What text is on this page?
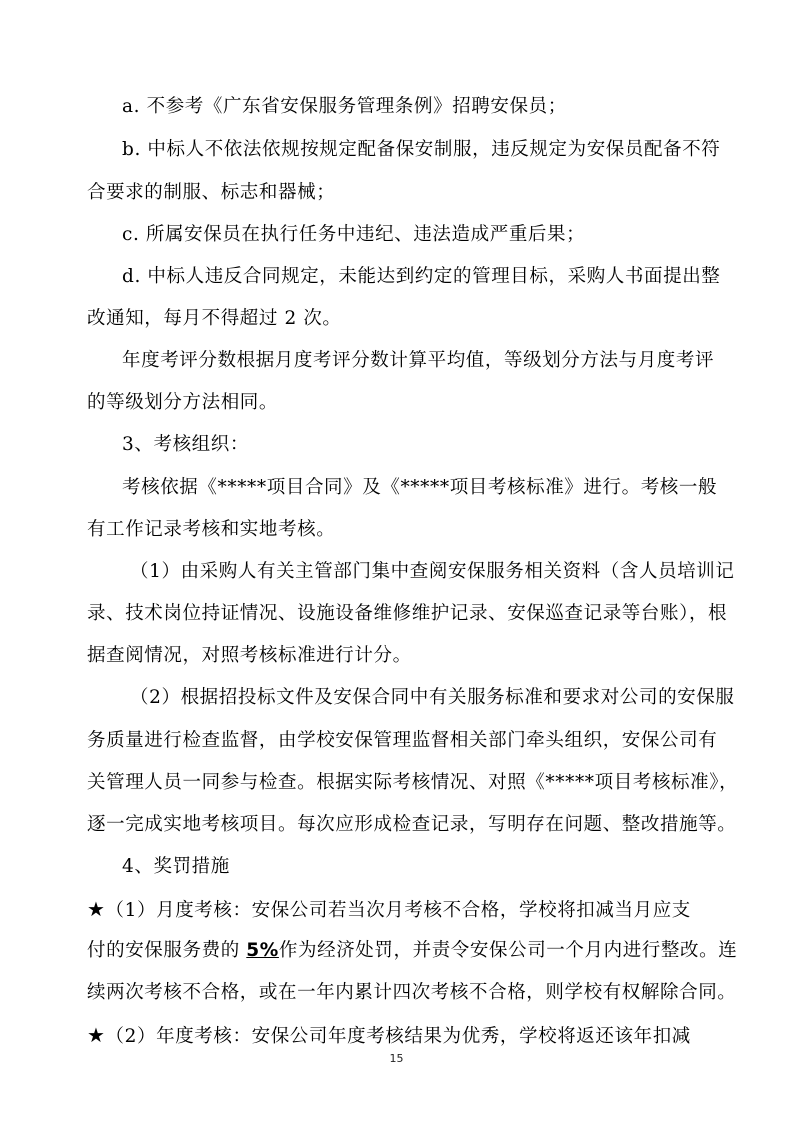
a. 不参考《广东省安保服务管理条例》招聘安保员；
b. 中标人不依法依规按规定配备保安制服，违反规定为安保员配备不符
合要求的制服、标志和器械；
c. 所属安保员在执行任务中违纪、违法造成严重后果；
d. 中标人违反合同规定，未能达到约定的管理目标，采购人书面提出整
改通知，每月不得超过 2 次。
年度考评分数根据月度考评分数计算平均值，等级划分方法与月度考评
的等级划分方法相同。
3、考核组织：
考核依据《*****项目合同》及《*****项目考核标准》进行。考核一般
有工作记录考核和实地考核。
（1）由采购人有关主管部门集中查阅安保服务相关资料（含人员培训记
录、技术岗位持证情况、设施设备维修维护记录、安保巡查记录等台账），根
据查阅情况，对照考核标准进行计分。
（2）根据招投标文件及安保合同中有关服务标准和要求对公司的安保服
务质量进行检查监督，由学校安保管理监督相关部门牵头组织，安保公司有
关管理人员一同参与检查。根据实际考核情况、对照《*****项目考核标准》，
逐一完成实地考核项目。每次应形成检查记录，写明存在问题、整改措施等。
4、奖罚措施
★（1）月度考核：安保公司若当次月考核不合格，学校将扣减当月应支
付的安保服务费的 5%作为经济处罚，并责令安保公司一个月内进行整改。连
续两次考核不合格，或在一年内累计四次考核不合格，则学校有权解除合同。
★（2）年度考核：安保公司年度考核结果为优秀，学校将返还该年扣减
15
